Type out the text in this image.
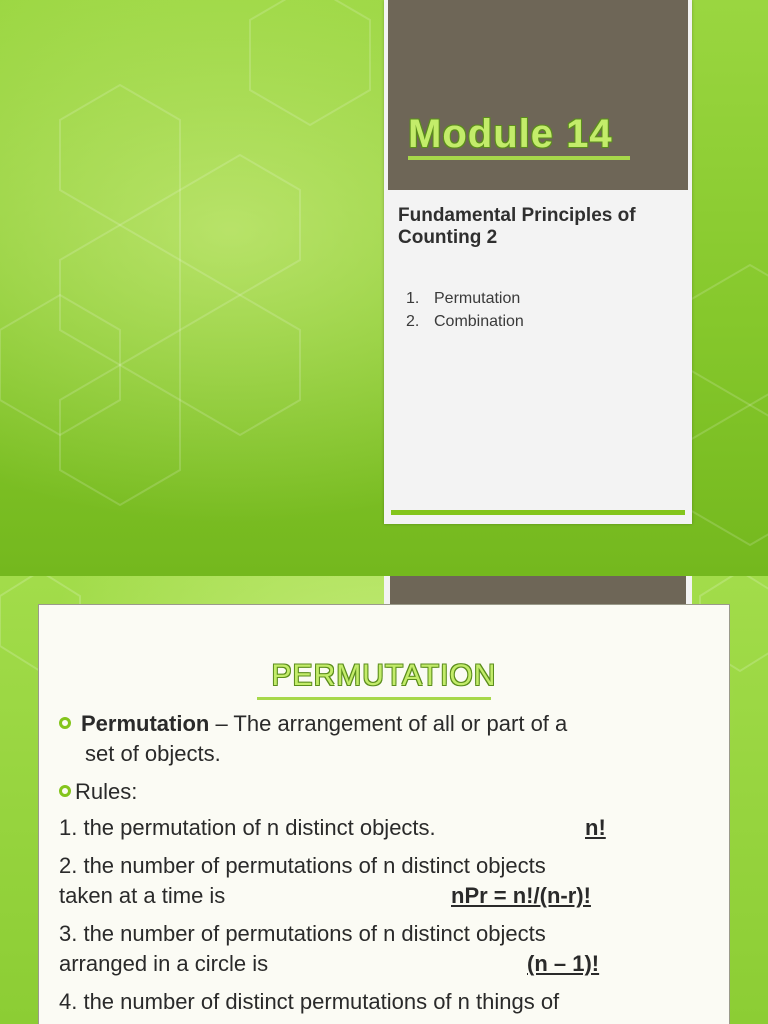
Module 14

Fundamental Principles of Counting 2

1. Permutation
2. Combination
PERMUTATION
Permutation – The arrangement of all or part of a
set of objects.
Rules:
1. the permutation of n distinct objects.	n!
2. the number of permutations of n distinct objects
taken at a time is	nPr = n!/(n-r)!
3. the number of permutations of n distinct objects
arranged in a circle is	(n – 1)!
4. the number of distinct permutations of n things of
